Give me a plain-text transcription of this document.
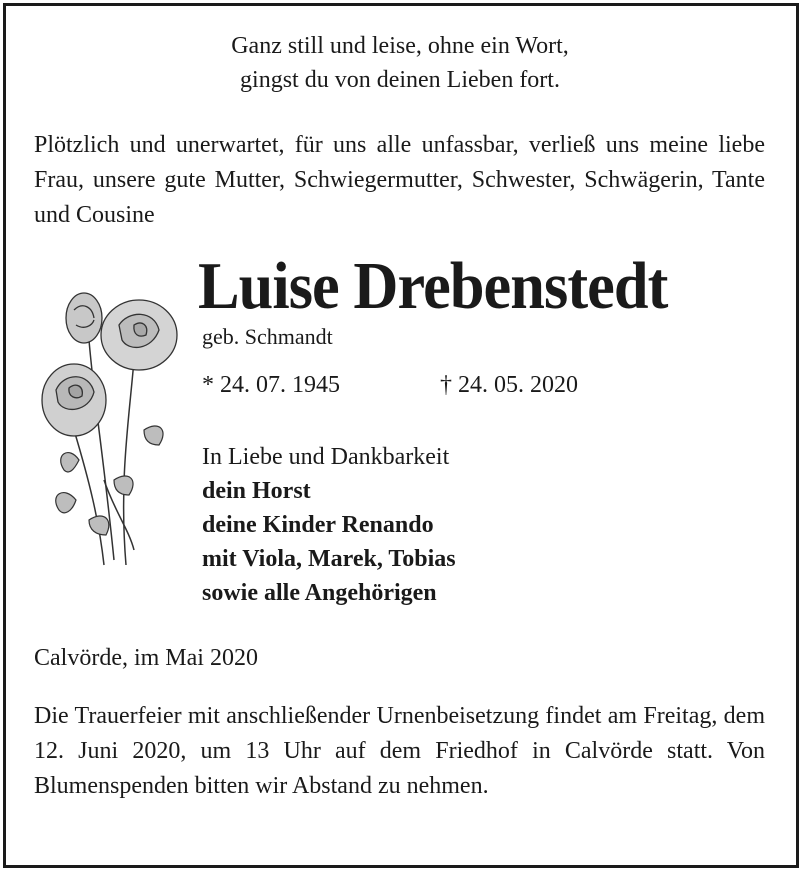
Ganz still und leise, ohne ein Wort,
gingst du von deinen Lieben fort.
Plötzlich und unerwartet, für uns alle unfassbar, verließ uns meine liebe Frau, unsere gute Mutter, Schwiegermutter, Schwester, Schwägerin, Tante und Cousine
Luise Drebenstedt
geb. Schmandt
* 24. 07. 1945	† 24. 05. 2020
In Liebe und Dankbarkeit
dein Horst
deine Kinder Renando
mit Viola, Marek, Tobias
sowie alle Angehörigen
Calvörde, im Mai 2020
Die Trauerfeier mit anschließender Urnenbeisetzung findet am Freitag, dem 12. Juni 2020, um 13 Uhr auf dem Friedhof in Calvörde statt. Von Blumenspenden bitten wir Abstand zu nehmen.
